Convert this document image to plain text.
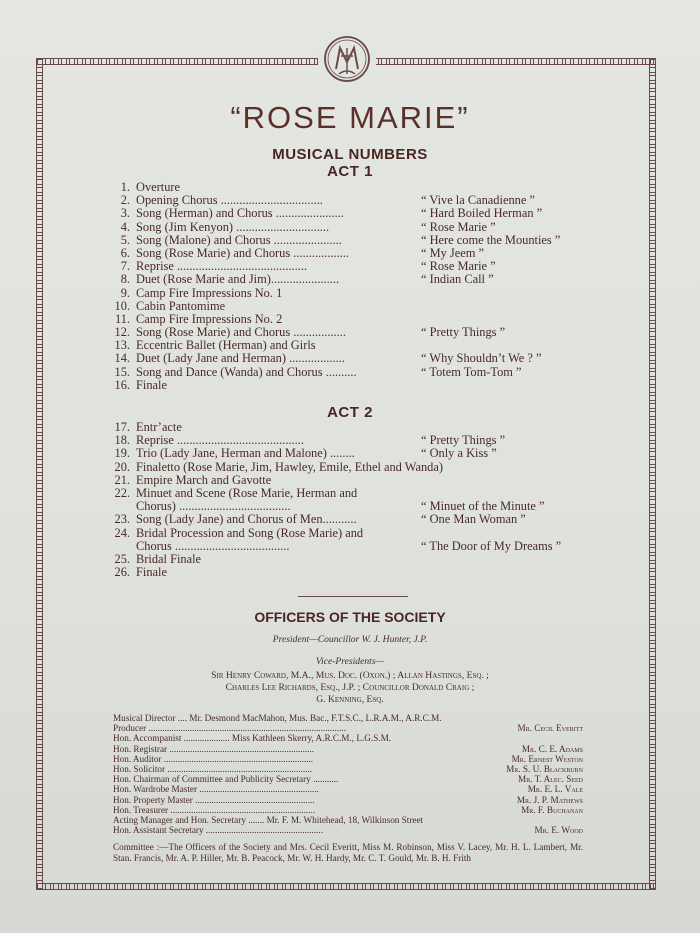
“ROSE MARIE”
MUSICAL NUMBERS
ACT 1
1. Overture
2. Opening Chorus .................................	“ Vive la Canadienne ”
3. Song (Herman) and Chorus ......................	“ Hard Boiled Herman ”
4. Song (Jim Kenyon) ..............................	“ Rose Marie ”
5. Song (Malone) and Chorus ......................	“ Here come the Mounties ”
6. Song (Rose Marie) and Chorus ..................	“ My Jeem ”
7. Reprise ..........................................	“ Rose Marie ”
8. Duet (Rose Marie and Jim)......................	“ Indian Call ”
9. Camp Fire Impressions No. 1
10. Cabin Pantomime
11. Camp Fire Impressions No. 2
12. Song (Rose Marie) and Chorus .................	“ Pretty Things ”
13. Eccentric Ballet (Herman) and Girls
14. Duet (Lady Jane and Herman) ..................	“ Why Shouldn’t We ? ”
15. Song and Dance (Wanda) and Chorus ..........	“ Totem Tom-Tom ”
16. Finale
ACT 2
17. Entr’acte
18. Reprise .........................................	“ Pretty Things ”
19. Trio (Lady Jane, Herman and Malone) ........	“ Only a Kiss ”
20. Finaletto (Rose Marie, Jim, Hawley, Emile, Ethel and Wanda)
21. Empire March and Gavotte
22. Minuet and Scene (Rose Marie, Herman and
Chorus) ....................................	“ Minuet of the Minute ”
23. Song (Lady Jane) and Chorus of Men...........	“ One Man Woman ”
24. Bridal Procession and Song (Rose Marie) and
Chorus .....................................	“ The Door of My Dreams ”
25. Bridal Finale
26. Finale
OFFICERS OF THE SOCIETY
President—Councillor W. J. Hunter, J.P.
Vice-Presidents—
Sir Henry Coward, M.A., Mus. Doc. (Oxon.) ; Allan Hastings, Esq. ;
Charles Lee Richards, Esq., J.P. ; Councillor Donald Craig ;
G. Kenning, Esq.
Musical Director .... Mr. Desmond MacMahon, Mus. Bac., F.T.S.C., L.R.A.M., A.R.C.M.
Producer ......................................................................................	Mr. Cecil Everitt
Hon. Accompanist .................... Miss Kathleen Skerry, A.R.C.M., L.G.S.M.
Hon. Registrar ...............................................................	Mr. C. E. Adams
Hon. Auditor .................................................................	Mr. Ernest Weston
Hon. Solicitor ...............................................................	Mr. S. U. Blackburn
Hon. Chairman of Committee and Publicity Secretary ...........	Mr. T. Alec. Seed
Hon. Wardrobe Master ....................................................	Mr. E. L. Vale
Hon. Property Master ....................................................	Mr. J. P. Mathews
Hon. Treasurer ...............................................................	Mr. F. Buchanan
Acting Manager and Hon. Secretary ....... Mr. F. M. Whitehead, 18, Wilkinson Street
Hon. Assistant Secretary ...................................................	Mr. E. Wood
Committee :—The Officers of the Society and Mrs. Cecil Everitt, Miss M. Robinson, Miss V. Lacey, Mr. H. L. Lambert, Mr. Stan. Francis, Mr. A. P. Hiller, Mr. B. Peacock, Mr. W. H. Hardy, Mr. C. T. Gould, Mr. B. H. Frith
